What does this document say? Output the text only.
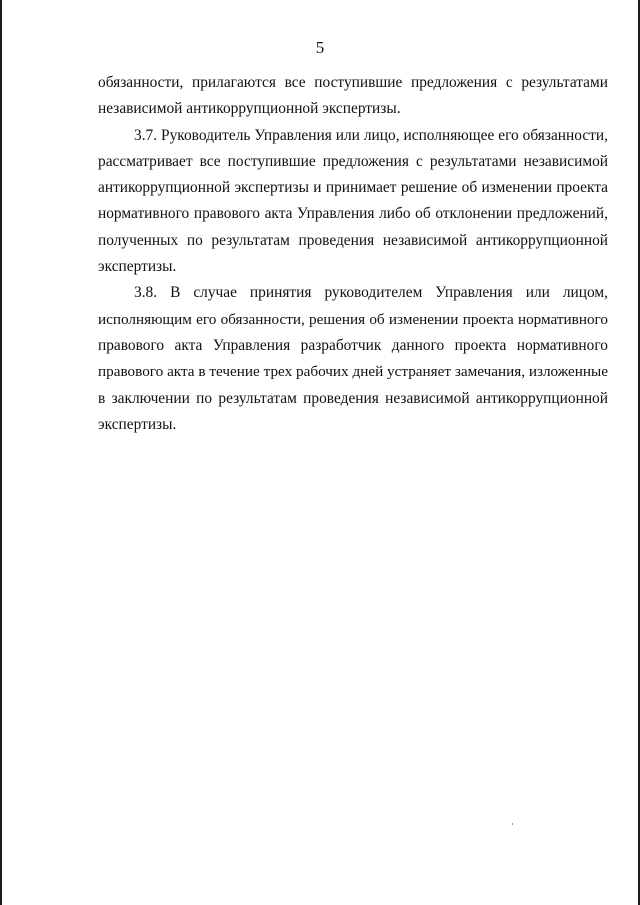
5

обязанности, прилагаются все поступившие предложения с результатами
независимой антикоррупционной экспертизы.

3.7. Руководитель Управления или лицо, исполняющее его обязанности,
рассматривает все поступившие предложения с результатами независимой
антикоррупционной экспертизы и принимает решение об изменении проекта
нормативного правового акта Управления либо об отклонении предложений,
полученных по результатам проведения независимой антикоррупционной
экспертизы.

3.8. В случае принятия руководителем Управления или лицом,
исполняющим его обязанности, решения об изменении проекта нормативного
правового акта Управления разработчик данного проекта нормативного
правового акта в течение трех рабочих дней устраняет замечания, изложенные
в заключении по результатам проведения независимой антикоррупционной
экспертизы.
